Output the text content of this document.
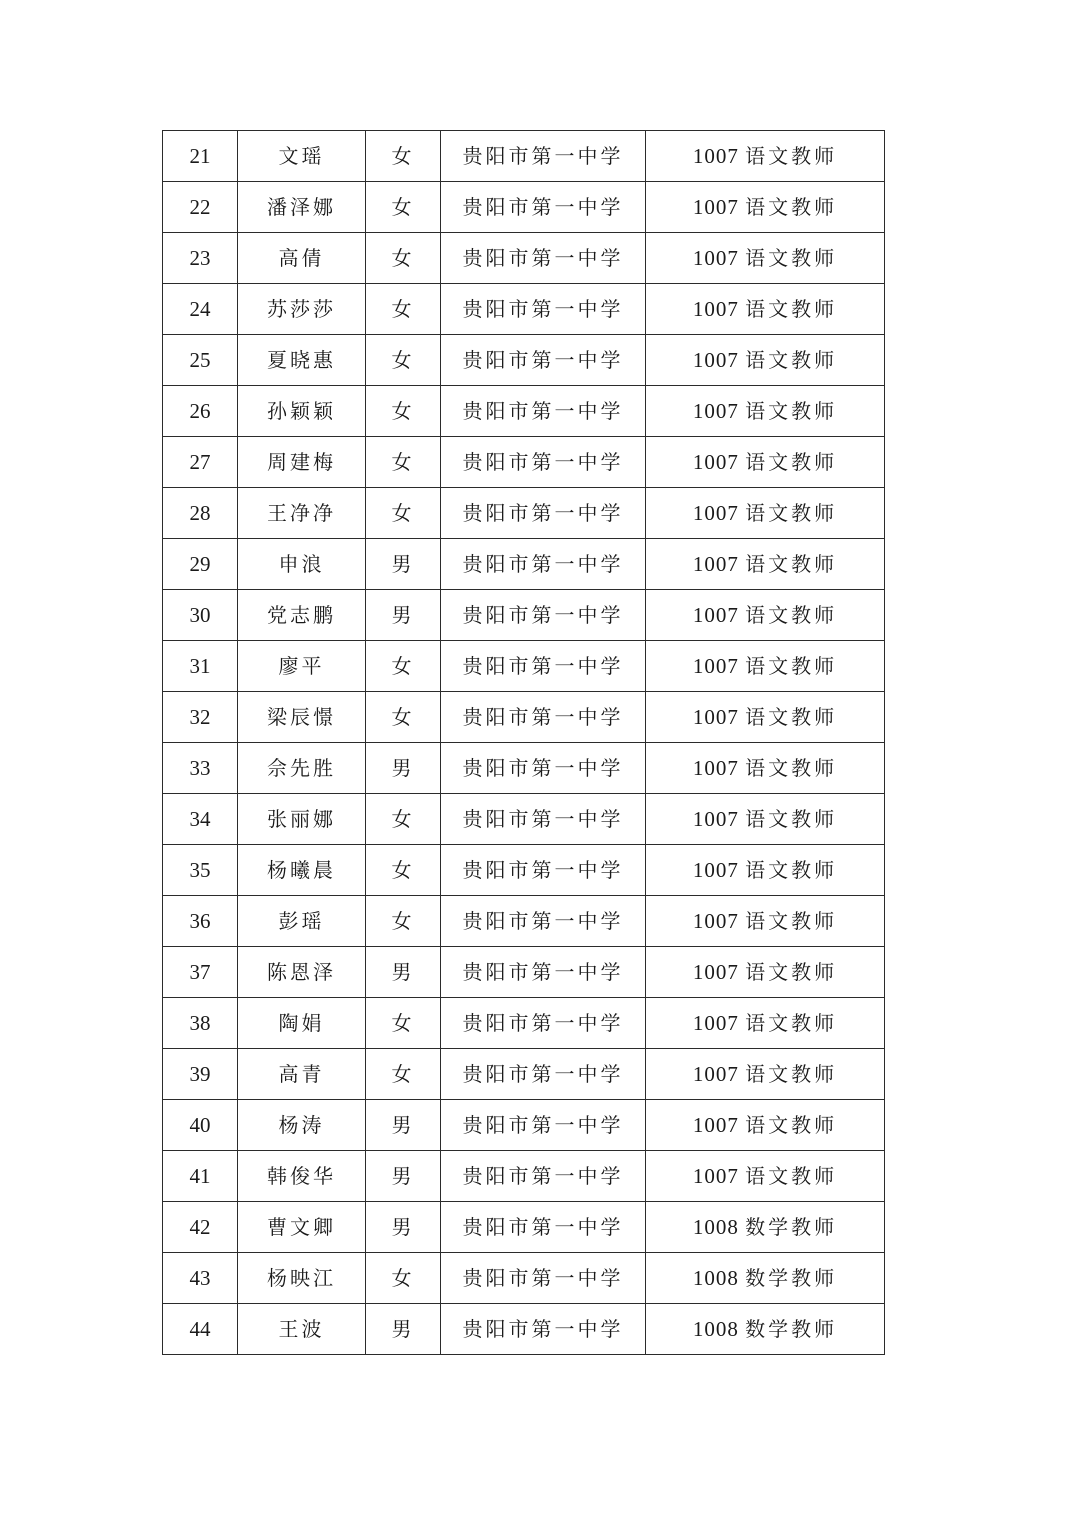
21	文瑶	女	贵阳市第一中学	1007 语文教师
22	潘泽娜	女	贵阳市第一中学	1007 语文教师
23	高倩	女	贵阳市第一中学	1007 语文教师
24	苏莎莎	女	贵阳市第一中学	1007 语文教师
25	夏晓惠	女	贵阳市第一中学	1007 语文教师
26	孙颖颖	女	贵阳市第一中学	1007 语文教师
27	周建梅	女	贵阳市第一中学	1007 语文教师
28	王净净	女	贵阳市第一中学	1007 语文教师
29	申浪	男	贵阳市第一中学	1007 语文教师
30	党志鹏	男	贵阳市第一中学	1007 语文教师
31	廖平	女	贵阳市第一中学	1007 语文教师
32	梁辰憬	女	贵阳市第一中学	1007 语文教师
33	佘先胜	男	贵阳市第一中学	1007 语文教师
34	张丽娜	女	贵阳市第一中学	1007 语文教师
35	杨曦晨	女	贵阳市第一中学	1007 语文教师
36	彭瑶	女	贵阳市第一中学	1007 语文教师
37	陈恩泽	男	贵阳市第一中学	1007 语文教师
38	陶娟	女	贵阳市第一中学	1007 语文教师
39	高青	女	贵阳市第一中学	1007 语文教师
40	杨涛	男	贵阳市第一中学	1007 语文教师
41	韩俊华	男	贵阳市第一中学	1007 语文教师
42	曹文卿	男	贵阳市第一中学	1008 数学教师
43	杨映江	女	贵阳市第一中学	1008 数学教师
44	王波	男	贵阳市第一中学	1008 数学教师
